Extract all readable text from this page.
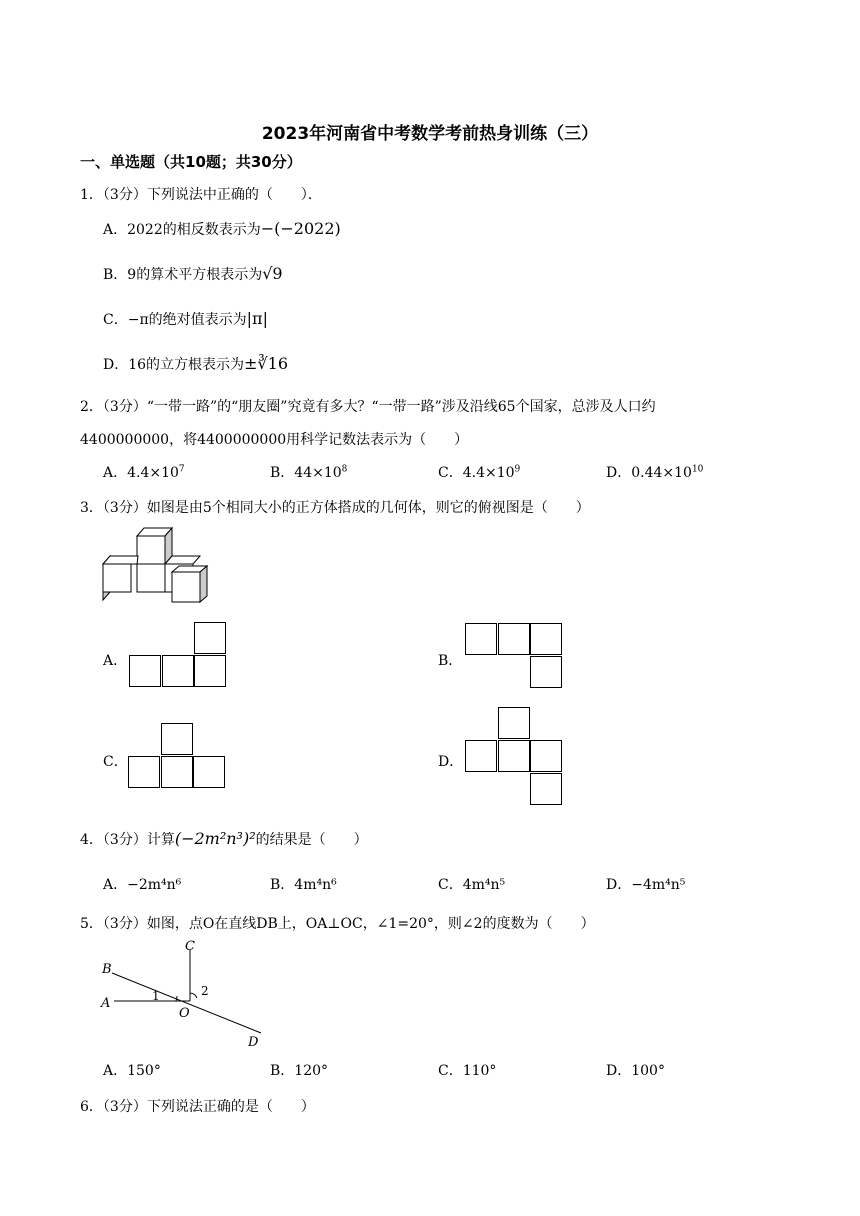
2023年河南省中考数学考前热身训练（三）
一、单选题（共10题；共30分）
1．（3分）下列说法中正确的（　　）．
A．2022的相反数表示为−(−2022)
B．9的算术平方根表示为√9
C．−π的绝对值表示为|π|
D．16的立方根表示为±∛16
2．（3分）“一带一路”的“朋友圈”究竟有多大？“一带一路”涉及沿线65个国家，总涉及人口约
4400000000，将4400000000用科学记数法表示为（　　）
A．$4.4\times 10^7$	B．$44\times 10^8$	C．$4.4\times 10^9$	D．$0.44\times 10^{10}$
3．（3分）如图是由5个相同大小的正方体搭成的几何体，则它的俯视图是（　　）
A．	B．
C．	D．
4．（3分）计算(−2m²n³)²的结果是（　　）
A．−2m⁴n⁶	B．4m⁴n⁶	C．4m⁴n⁵	D．−4m⁴n⁵
5．（3分）如图，点O在直线DB上，OA⊥OC，∠1=20°，则∠2的度数为（　　）
B
A
C
O
D
1	2
A．150°	B．120°	C．110°	D．100°
6．（3分）下列说法正确的是（　　）
